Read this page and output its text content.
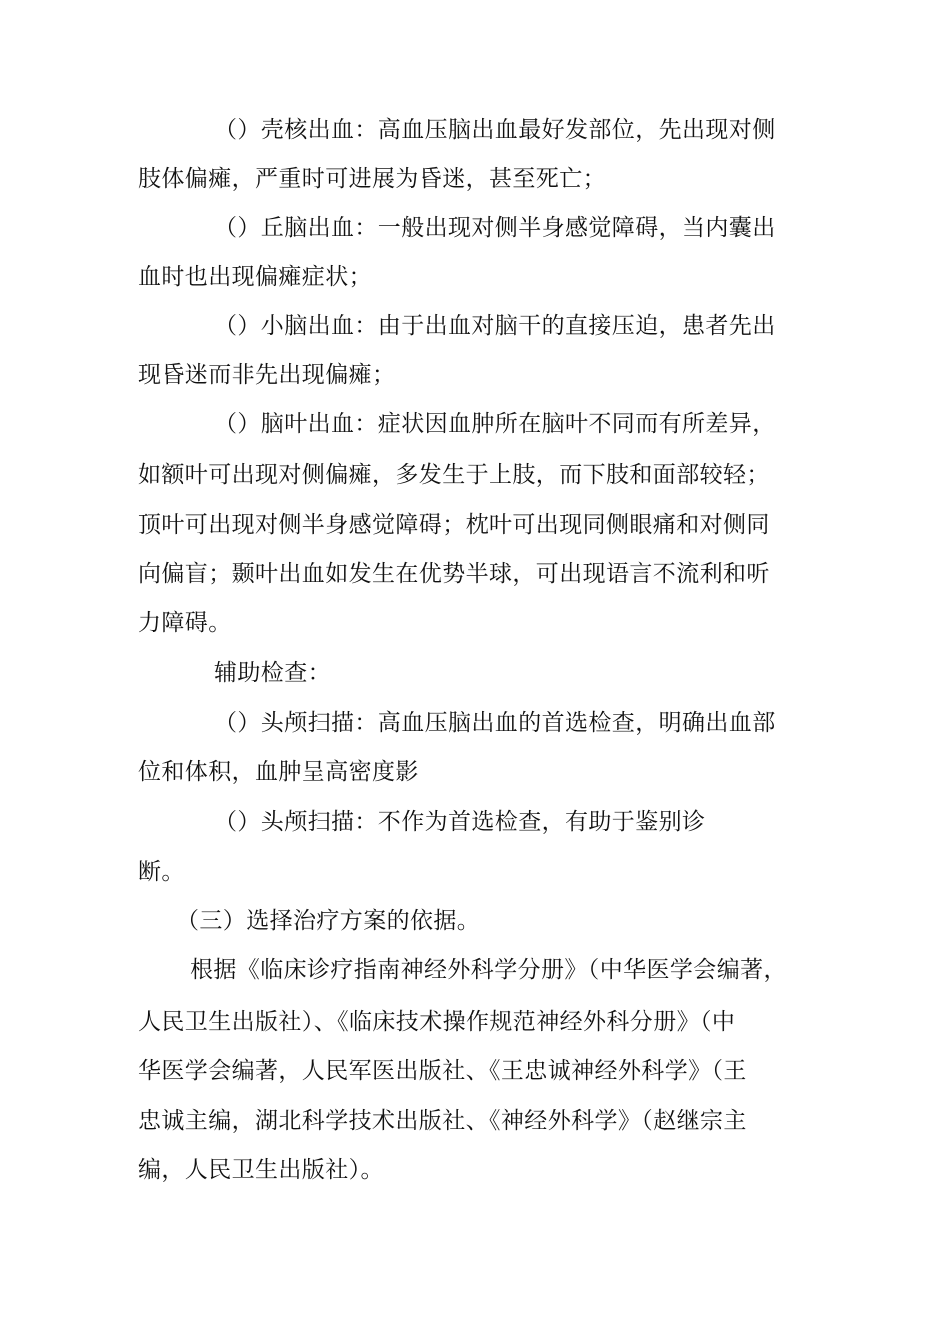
（）壳核出血：高血压脑出血最好发部位，先出现对侧
肢体偏瘫，严重时可进展为昏迷，甚至死亡；
（）丘脑出血：一般出现对侧半身感觉障碍，当内囊出
血时也出现偏瘫症状；
（）小脑出血：由于出血对脑干的直接压迫，患者先出
现昏迷而非先出现偏瘫；
（）脑叶出血：症状因血肿所在脑叶不同而有所差异，
如额叶可出现对侧偏瘫，多发生于上肢，而下肢和面部较轻；
顶叶可出现对侧半身感觉障碍；枕叶可出现同侧眼痛和对侧同
向偏盲；颞叶出血如发生在优势半球，可出现语言不流利和听
力障碍。
辅助检查：
（）头颅扫描：高血压脑出血的首选检查，明确出血部
位和体积，血肿呈高密度影
（）头颅扫描：不作为首选检查，有助于鉴别诊
断。
（三）选择治疗方案的依据。
根据《临床诊疗指南神经外科学分册》（中华医学会编著，
人民卫生出版社）、《临床技术操作规范神经外科分册》（中
华医学会编著，人民军医出版社、《王忠诚神经外科学》（王
忠诚主编，湖北科学技术出版社、《神经外科学》（赵继宗主
编，人民卫生出版社）。
